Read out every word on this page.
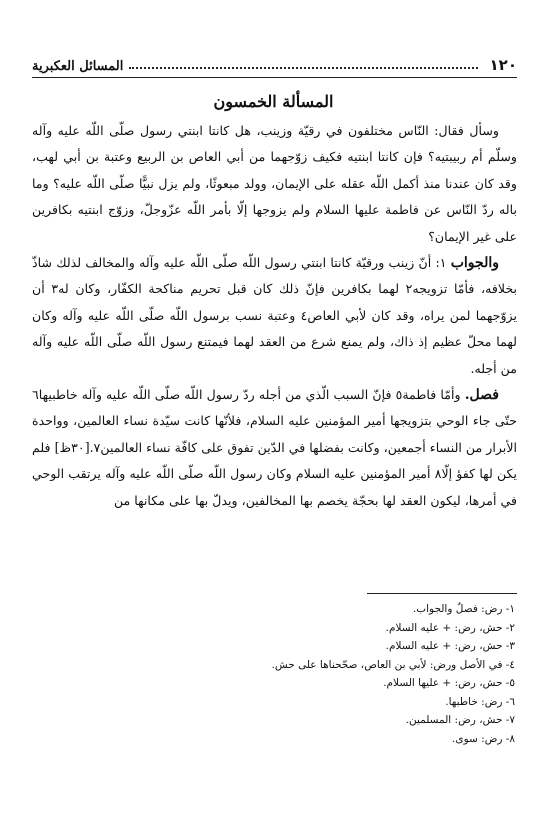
١٢٠
المسائل العكبرية
المسألة الخمسون

وسأل فقال: النّاس مختلفون في رقيّة وزينب، هل كانتا ابنتي رسول صلّى اللّه عليه وآله وسلّم أم ربيبتيه؟ فإن كانتا ابنتيه فكيف زوّجهما من أبي العاص بن الربيع وعتبة بن أبي لهب، وقد كان عندنا منذ أكمل اللّه عقله على الإيمان، وولد مبعوثًا، ولم يزل نبيًّا صلّى اللّه عليه؟ وما باله ردّ النّاس عن فاطمة عليها السلام ولم يزوجها إلّا بأمر اللّه عزّوجلّ، وزوّج ابنتيه بكافرين على غير الإيمان؟

والجواب ١: أنّ زينب ورقيّة كانتا ابنتي رسول اللّه صلّى اللّه عليه وآله والمخالف لذلك شاذّ بخلافه، فأمّا تزويجه٢ لهما بكافرين فإنّ ذلك كان قبل تحريم مناكحة الكفّار، وكان له٣ أن يزوّجهما لمن يراه، وقد كان لأبي العاص٤ وعتبة نسب برسول اللّه صلّى اللّه عليه وآله وكان لهما محلّ عظيم إذ ذاك، ولم يمنع شرع من العقد لهما فيمتنع رسول اللّه صلّى اللّه عليه وآله من أجله.

فصل. وأمّا فاطمة٥ فإنّ السبب الّذي من أجله ردّ رسول اللّه صلّى اللّه عليه وآله خاطبيها٦ حتّى جاء الوحي بتزويجها أمير المؤمنين عليه السلام، فلأنّها كانت سيّدة نساء العالمين، وواحدة الأبرار من النساء أجمعين، وكانت بفضلها في الدّين تفوق على كافّة نساء العالمين٧.[٣٠ظ] فلم يكن لها كفؤ إلّا٨ أمير المؤمنين عليه السلام وكان رسول اللّه صلّى اللّه عليه وآله يرتقب الوحي في أمرها، ليكون العقد لها بحجّة يخصم بها المخالفين، ويدلّ بها على مكانها من

١- رض: فصلٌ والجواب.
٢- حش، رض: + عليه السلام.
٣- حش، رض: + عليه السلام.
٤- في الأصل ورض: لأبي بن العاص، صحّحناها على حش.
٥- حش، رض: + عليها السلام.
٦- رض: خاطبها.
٧- حش، رض: المسلمين.
٨- رض: سوى.
